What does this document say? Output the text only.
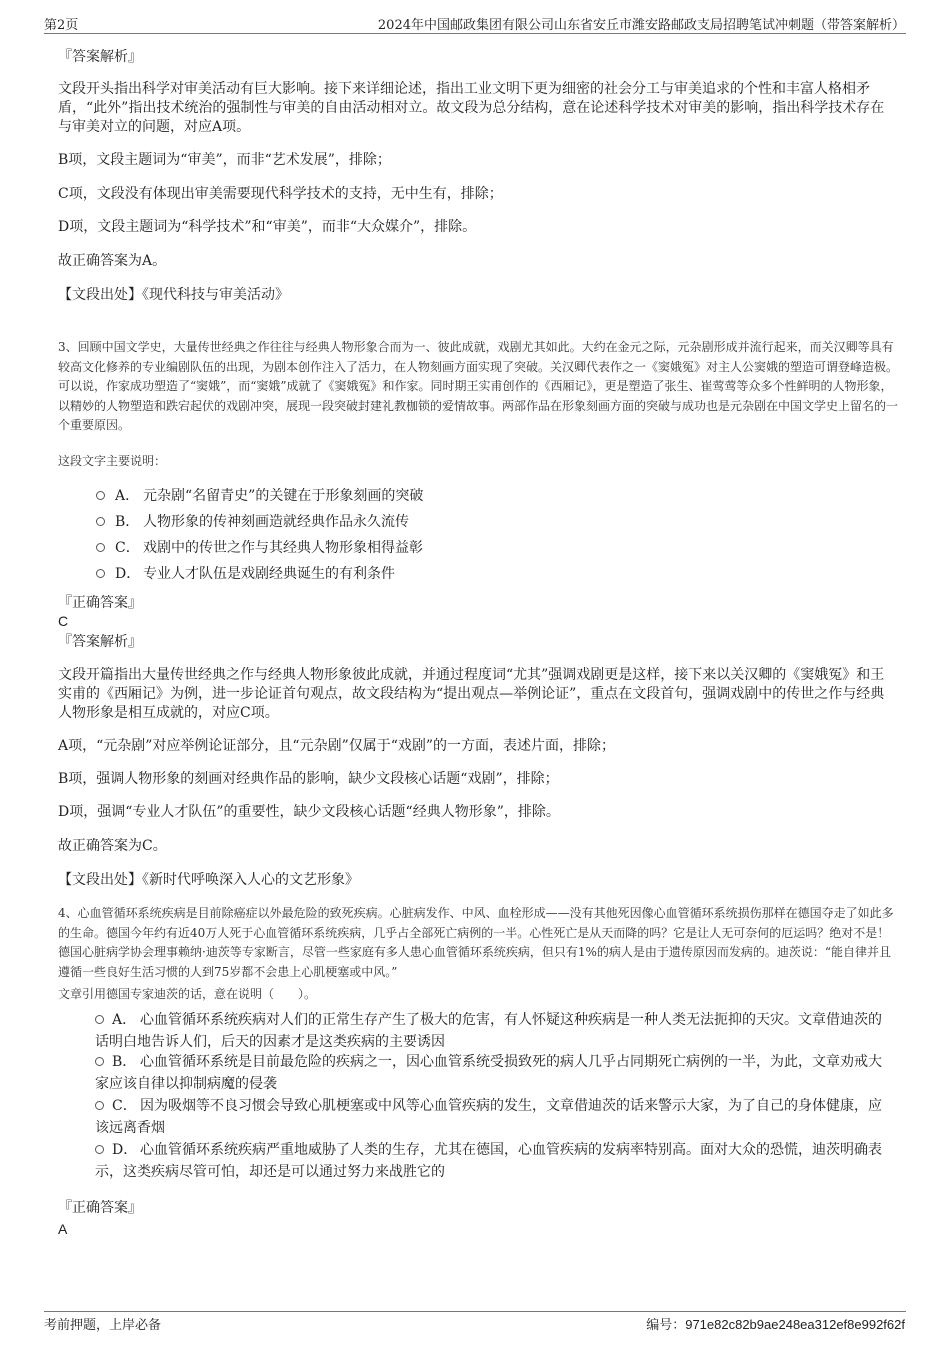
第2页	2024年中国邮政集团有限公司山东省安丘市潍安路邮政支局招聘笔试冲刺题（带答案解析）

『答案解析』

文段开头指出科学对审美活动有巨大影响。接下来详细论述，指出工业文明下更为细密的社会分工与审美追求的个性和丰富人格相矛盾，“此外”指出技术统治的强制性与审美的自由活动相对立。故文段为总分结构，意在论述科学技术对审美的影响，指出科学技术存在与审美对立的问题，对应A项。

B项，文段主题词为“审美”，而非“艺术发展”，排除；

C项，文段没有体现出审美需要现代科学技术的支持，无中生有，排除；

D项，文段主题词为“科学技术”和“审美”，而非“大众媒介”，排除。

故正确答案为A。

【文段出处】《现代科技与审美活动》

3、回顾中国文学史，大量传世经典之作往往与经典人物形象合而为一、彼此成就，戏剧尤其如此。大约在金元之际，元杂剧形成并流行起来，而关汉卿等具有较高文化修养的专业编剧队伍的出现，为剧本创作注入了活力，在人物刻画方面实现了突破。关汉卿代表作之一《窦娥冤》对主人公窦娥的塑造可谓登峰造极。可以说，作家成功塑造了“窦娥”，而“窦娥”成就了《窦娥冤》和作家。同时期王实甫创作的《西厢记》，更是塑造了张生、崔莺莺等众多个性鲜明的人物形象，以精妙的人物塑造和跌宕起伏的戏剧冲突，展现一段突破封建礼教枷锁的爱情故事。两部作品在形象刻画方面的突破与成功也是元杂剧在中国文学史上留名的一个重要原因。

这段文字主要说明：

A． 元杂剧“名留青史”的关键在于形象刻画的突破
B． 人物形象的传神刻画造就经典作品永久流传
C． 戏剧中的传世之作与其经典人物形象相得益彰
D． 专业人才队伍是戏剧经典诞生的有利条件

『正确答案』

C

『答案解析』

文段开篇指出大量传世经典之作与经典人物形象彼此成就，并通过程度词“尤其”强调戏剧更是这样，接下来以关汉卿的《窦娥冤》和王实甫的《西厢记》为例，进一步论证首句观点，故文段结构为“提出观点—举例论证”，重点在文段首句，强调戏剧中的传世之作与经典人物形象是相互成就的，对应C项。

A项，“元杂剧”对应举例论证部分，且“元杂剧”仅属于“戏剧”的一方面，表述片面，排除；

B项，强调人物形象的刻画对经典作品的影响，缺少文段核心话题“戏剧”，排除；

D项，强调“专业人才队伍”的重要性，缺少文段核心话题“经典人物形象”，排除。

故正确答案为C。

【文段出处】《新时代呼唤深入人心的文艺形象》

4、心血管循环系统疾病是目前除癌症以外最危险的致死疾病。心脏病发作、中风、血栓形成——没有其他死因像心血管循环系统损伤那样在德国夺走了如此多的生命。德国今年约有近40万人死于心血管循环系统疾病，几乎占全部死亡病例的一半。心性死亡是从天而降的吗？它是让人无可奈何的厄运吗？绝对不是！德国心脏病学协会理事赖纳·迪茨等专家断言，尽管一些家庭有多人患心血管循环系统疾病，但只有1%的病人是由于遗传原因而发病的。迪茨说：“能自律并且遵循一些良好生活习惯的人到75岁都不会患上心肌梗塞或中风。”

文章引用德国专家迪茨的话，意在说明（　　）。

A． 心血管循环系统疾病对人们的正常生存产生了极大的危害，有人怀疑这种疾病是一种人类无法扼抑的天灾。文章借迪茨的话明白地告诉人们，后天的因素才是这类疾病的主要诱因
B． 心血管循环系统是目前最危险的疾病之一，因心血管系统受损致死的病人几乎占同期死亡病例的一半，为此，文章劝戒大家应该自律以抑制病魔的侵袭
C． 因为吸烟等不良习惯会导致心肌梗塞或中风等心血管疾病的发生，文章借迪茨的话来警示大家，为了自己的身体健康，应该远离香烟
D． 心血管循环系统疾病严重地威胁了人类的生存，尤其在德国，心血管疾病的发病率特别高。面对大众的恐慌，迪茨明确表示，这类疾病尽管可怕，却还是可以通过努力来战胜它的

『正确答案』

A

考前押题，上岸必备	编号：971e82c82b9ae248ea312ef8e992f62f
